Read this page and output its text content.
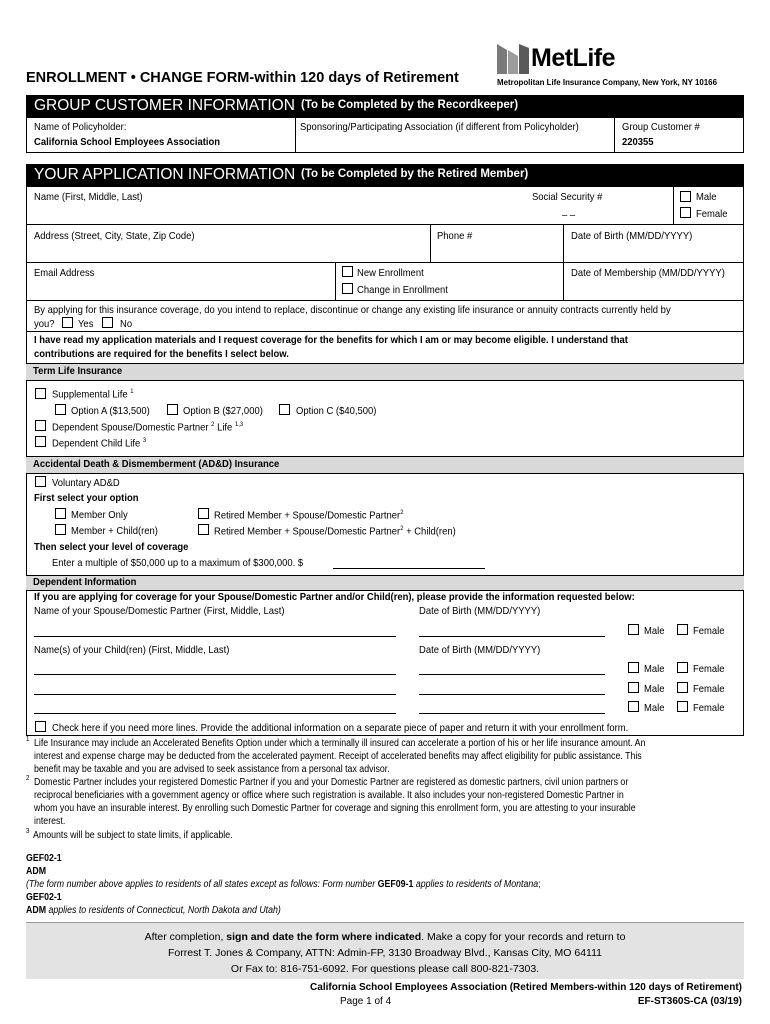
MetLife
Metropolitan Life Insurance Company, New York, NY 10166
ENROLLMENT • CHANGE FORM-within 120 days of Retirement
GROUP CUSTOMER INFORMATION (To be Completed by the Recordkeeper)
Name of Policyholder:
California School Employees Association
Sponsoring/Participating Association (if different from Policyholder)	Group Customer #
220355
YOUR APPLICATION INFORMATION (To be Completed by the Retired Member)
Name (First, Middle, Last)	Social Security #
– –
Male
Female
Address (Street, City, State, Zip Code)	Phone #	Date of Birth (MM/DD/YYYY)
Email Address	New Enrollment
Change in Enrollment
Date of Membership (MM/DD/YYYY)
By applying for this insurance coverage, do you intend to replace, discontinue or change any existing life insurance or annuity contracts currently held by
you? Yes	No
I have read my application materials and I request coverage for the benefits for which I am or may become eligible. I understand that
contributions are required for the benefits I select below.
Term Life Insurance
Supplemental Life $^1$
Option A ($13,500)	Option B ($27,000)	Option C ($40,500)
Dependent Spouse/Domestic Partner $^2$ Life $^{1,3}$
Dependent Child Life $^3$
Accidental Death & Dismemberment (AD&D) Insurance
Voluntary AD&D
First select your option
Member Only	Retired Member + Spouse/Domestic Partner$^2$
Member + Child(ren)	Retired Member + Spouse/Domestic Partner$^2$ + Child(ren)
Then select your level of coverage
Enter a multiple of $50,000 up to a maximum of $300,000. $
Dependent Information
If you are applying for coverage for your Spouse/Domestic Partner and/or Child(ren), please provide the information requested below:
Name of your Spouse/Domestic Partner (First, Middle, Last)	Date of Birth (MM/DD/YYYY)
Male	Female
Name(s) of your Child(ren) (First, Middle, Last)	Date of Birth (MM/DD/YYYY)
Male	Female
Male	Female
Male	Female
Check here if you need more lines. Provide the additional information on a separate piece of paper and return it with your enrollment form.
1 Life Insurance may include an Accelerated Benefits Option under which a terminally ill insured can accelerate a portion of his or her life insurance amount. An
interest and expense charge may be deducted from the accelerated payment. Receipt of accelerated benefits may affect eligibility for public assistance. This
benefit may be taxable and you are advised to seek assistance from a personal tax advisor.
2 Domestic Partner includes your registered Domestic Partner if you and your Domestic Partner are registered as domestic partners, civil union partners or
reciprocal beneficiaries with a government agency or office where such registration is available. It also includes your non-registered Domestic Partner in
whom you have an insurable interest. By enrolling such Domestic Partner for coverage and signing this enrollment form, you are attesting to your insurable
interest.
3 Amounts will be subject to state limits, if applicable.
GEF02-1
ADM
(The form number above applies to residents of all states except as follows: Form number GEF09-1 applies to residents of Montana;
GEF02-1
ADM applies to residents of Connecticut, North Dakota and Utah)
After completion, sign and date the form where indicated. Make a copy for your records and return to
Forrest T. Jones & Company, ATTN: Admin-FP, 3130 Broadway Blvd., Kansas City, MO 64111
Or Fax to: 816-751-6092. For questions please call 800-821-7303.
California School Employees Association (Retired Members-within 120 days of Retirement)
Page 1 of 4	EF-ST360S-CA (03/19)
